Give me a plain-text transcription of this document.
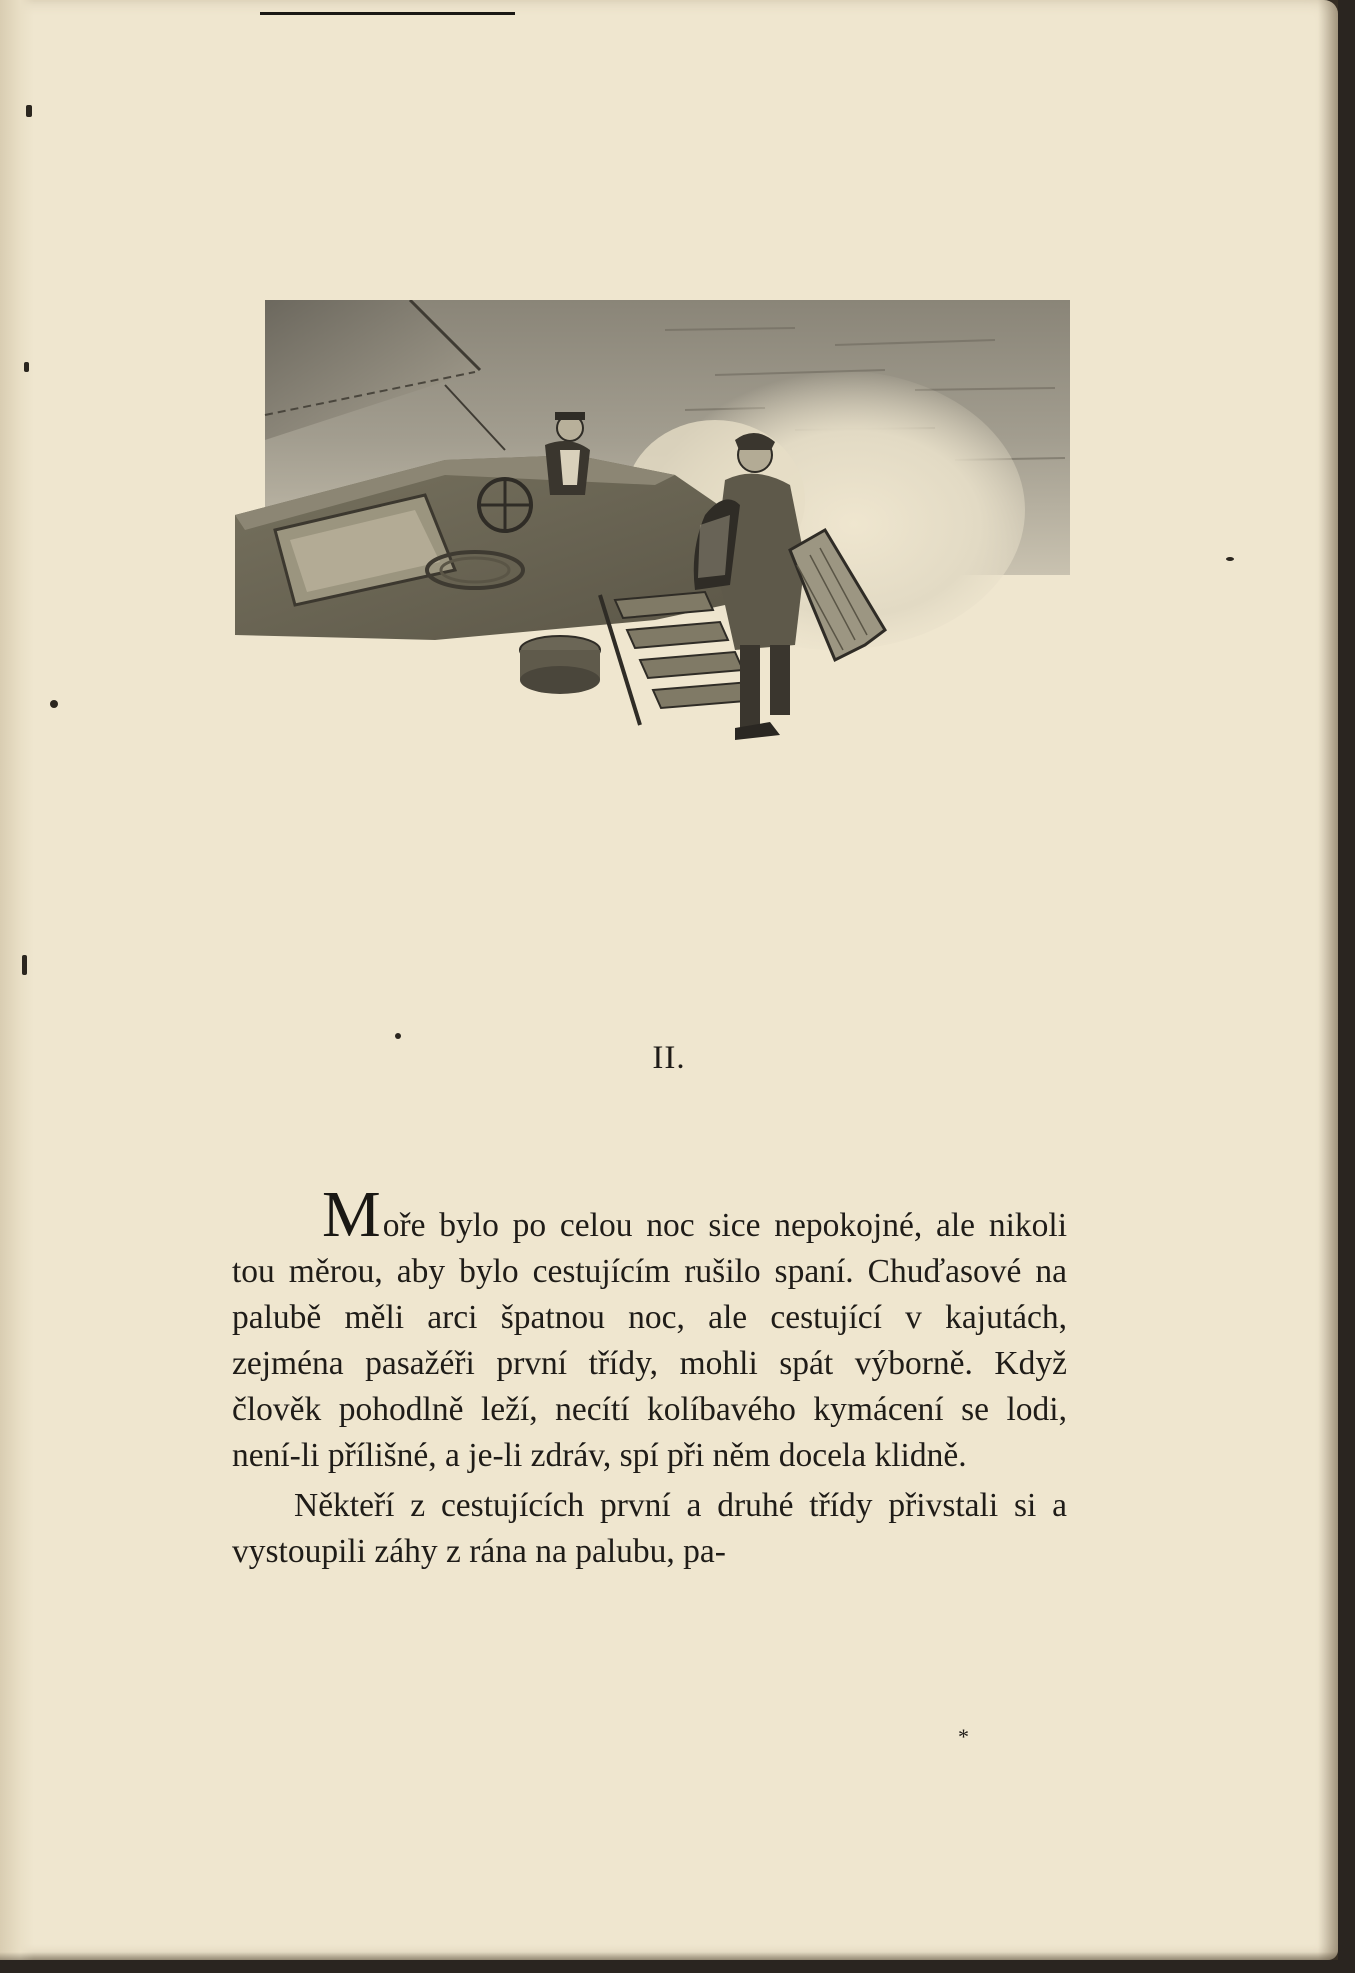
II.

Moře bylo po celou noc sice nepokojné, ale nikoli tou měrou, aby bylo cestujícím rušilo spaní. Chuďasové na palubě měli arci špatnou noc, ale cestující v kajutách, zejména pasažéři první třídy, mohli spát výborně. Když člověk pohodlně leží, necítí kolíbavého kymácení se lodi, není-li přílišné, a je-li zdráv, spí při něm docela klidně.

Někteří z cestujících první a druhé třídy přivstali si a vystoupili záhy z rána na palubu, pa-

*
